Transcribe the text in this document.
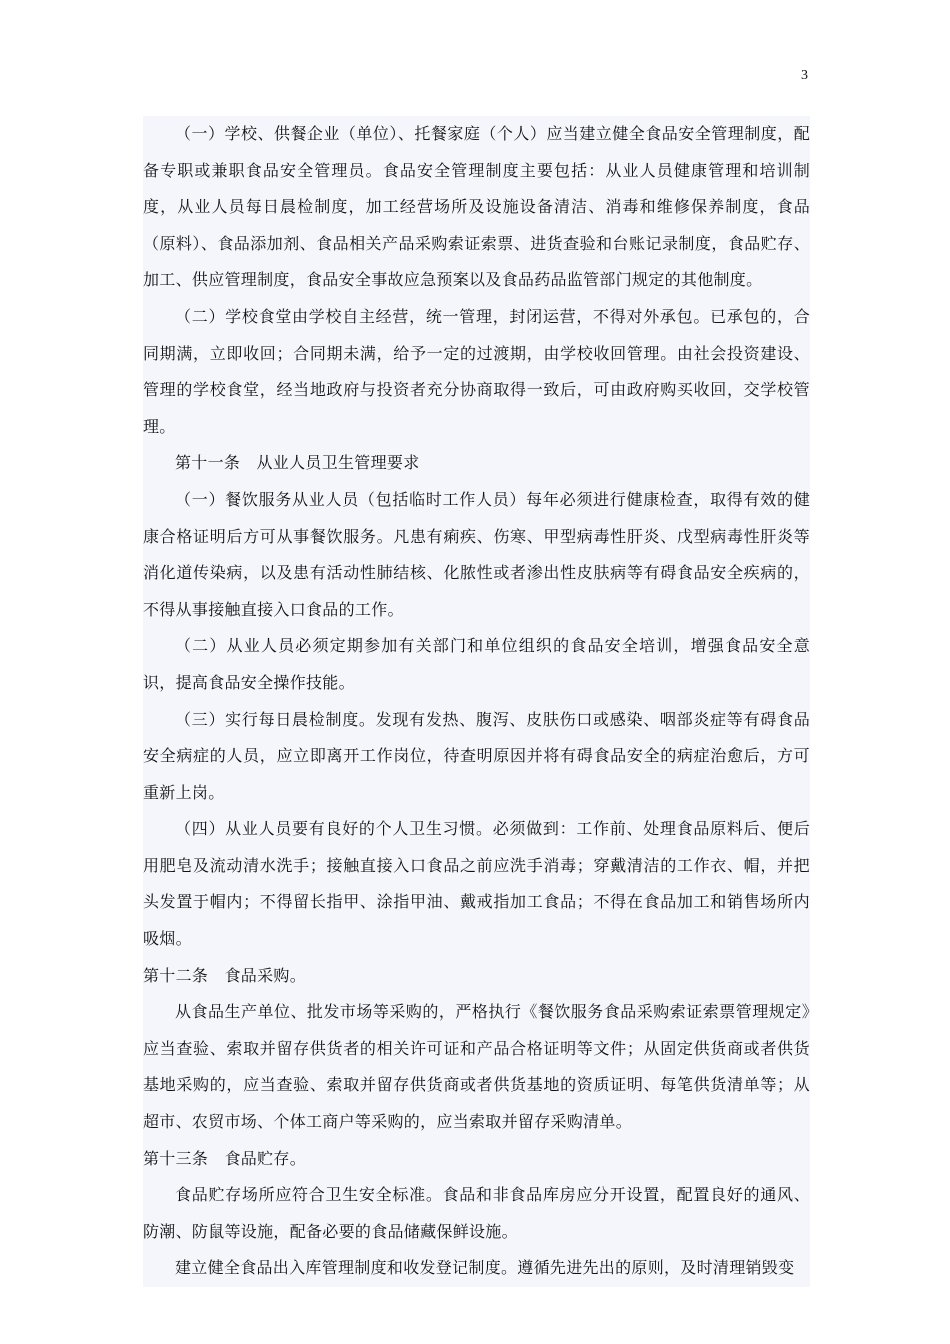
3

（一）学校、供餐企业（单位）、托餐家庭（个人）应当建立健全食品安全管理制度，配备专职或兼职食品安全管理员。食品安全管理制度主要包括：从业人员健康管理和培训制度，从业人员每日晨检制度，加工经营场所及设施设备清洁、消毒和维修保养制度，食品（原料）、食品添加剂、食品相关产品采购索证索票、进货查验和台账记录制度，食品贮存、加工、供应管理制度，食品安全事故应急预案以及食品药品监管部门规定的其他制度。

（二）学校食堂由学校自主经营，统一管理，封闭运营，不得对外承包。已承包的，合同期满，立即收回；合同期未满，给予一定的过渡期，由学校收回管理。由社会投资建设、管理的学校食堂，经当地政府与投资者充分协商取得一致后，可由政府购买收回，交学校管理。

第十一条　从业人员卫生管理要求

（一）餐饮服务从业人员（包括临时工作人员）每年必须进行健康检查，取得有效的健康合格证明后方可从事餐饮服务。凡患有痢疾、伤寒、甲型病毒性肝炎、戊型病毒性肝炎等消化道传染病，以及患有活动性肺结核、化脓性或者渗出性皮肤病等有碍食品安全疾病的，不得从事接触直接入口食品的工作。

（二）从业人员必须定期参加有关部门和单位组织的食品安全培训，增强食品安全意识，提高食品安全操作技能。

（三）实行每日晨检制度。发现有发热、腹泻、皮肤伤口或感染、咽部炎症等有碍食品安全病症的人员，应立即离开工作岗位，待查明原因并将有碍食品安全的病症治愈后，方可重新上岗。

（四）从业人员要有良好的个人卫生习惯。必须做到：工作前、处理食品原料后、便后用肥皂及流动清水洗手；接触直接入口食品之前应洗手消毒；穿戴清洁的工作衣、帽，并把头发置于帽内；不得留长指甲、涂指甲油、戴戒指加工食品；不得在食品加工和销售场所内吸烟。

第十二条　食品采购。

从食品生产单位、批发市场等采购的，严格执行《餐饮服务食品采购索证索票管理规定》应当查验、索取并留存供货者的相关许可证和产品合格证明等文件；从固定供货商或者供货基地采购的，应当查验、索取并留存供货商或者供货基地的资质证明、每笔供货清单等；从超市、农贸市场、个体工商户等采购的，应当索取并留存采购清单。

第十三条　食品贮存。

食品贮存场所应符合卫生安全标准。食品和非食品库房应分开设置，配置良好的通风、防潮、防鼠等设施，配备必要的食品储藏保鲜设施。

建立健全食品出入库管理制度和收发登记制度。遵循先进先出的原则，及时清理销毁变
